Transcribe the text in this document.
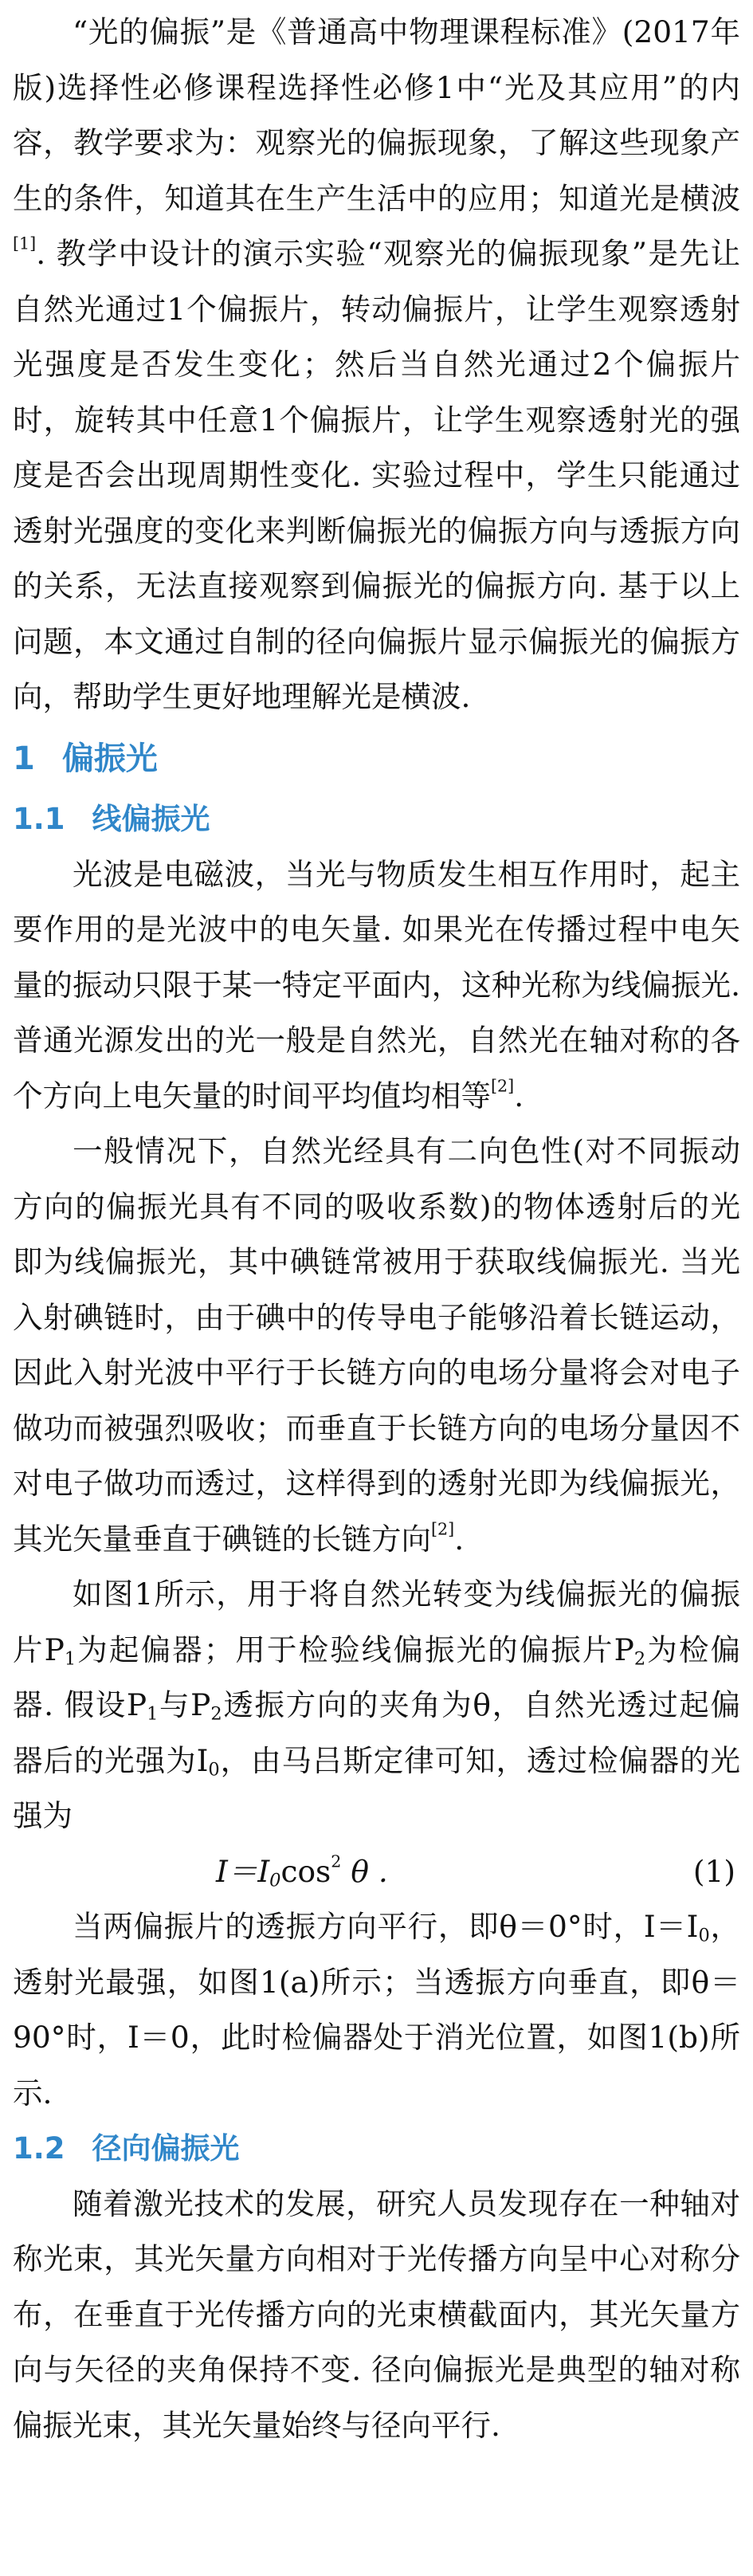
“光的偏振”是《普通高中物理课程标准》(2017年版)选择性必修课程选择性必修1中“光及其应用”的内容，教学要求为：观察光的偏振现象，了解这些现象产生的条件，知道其在生产生活中的应用；知道光是横波[1]. 教学中设计的演示实验“观察光的偏振现象”是先让自然光通过1个偏振片，转动偏振片，让学生观察透射光强度是否发生变化；然后当自然光通过2个偏振片时，旋转其中任意1个偏振片，让学生观察透射光的强度是否会出现周期性变化. 实验过程中，学生只能通过透射光强度的变化来判断偏振光的偏振方向与透振方向的关系，无法直接观察到偏振光的偏振方向. 基于以上问题，本文通过自制的径向偏振片显示偏振光的偏振方向，帮助学生更好地理解光是横波.

1 偏振光
1.1 线偏振光

光波是电磁波，当光与物质发生相互作用时，起主要作用的是光波中的电矢量. 如果光在传播过程中电矢量的振动只限于某一特定平面内，这种光称为线偏振光. 普通光源发出的光一般是自然光，自然光在轴对称的各个方向上电矢量的时间平均值均相等[2].

一般情况下，自然光经具有二向色性(对不同振动方向的偏振光具有不同的吸收系数)的物体透射后的光即为线偏振光，其中碘链常被用于获取线偏振光. 当光入射碘链时，由于碘中的传导电子能够沿着长链运动，因此入射光波中平行于长链方向的电场分量将会对电子做功而被强烈吸收；而垂直于长链方向的电场分量因不对电子做功而透过，这样得到的透射光即为线偏振光，其光矢量垂直于碘链的长链方向[2].

如图1所示，用于将自然光转变为线偏振光的偏振片$P_1$为起偏器；用于检验线偏振光的偏振片$P_2$为检偏器. 假设$P_1$与$P_2$透振方向的夹角为θ，自然光透过起偏器后的光强为$I_0$，由马吕斯定律可知，透过检偏器的光强为

$I=I_0\cos^2$ θ .	(1)

当两偏振片的透振方向平行，即θ＝0°时，$I=I_0$，透射光最强，如图1(a)所示；当透振方向垂直，即θ＝90°时，I＝0，此时检偏器处于消光位置，如图1(b)所示.

1.2 径向偏振光

随着激光技术的发展，研究人员发现存在一种轴对称光束，其光矢量方向相对于光传播方向呈中心对称分布，在垂直于光传播方向的光束横截面内，其光矢量方向与矢径的夹角保持不变. 径向偏振光是典型的轴对称偏振光束，其光矢量始终与径向平行.
